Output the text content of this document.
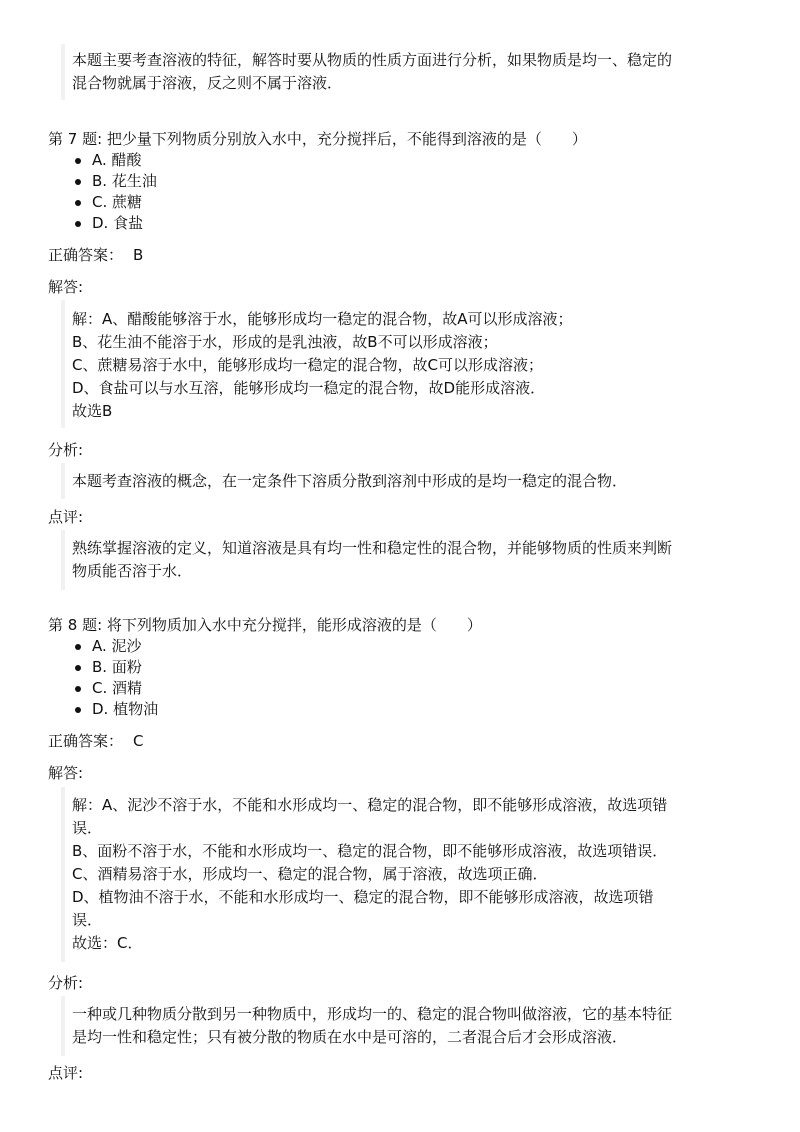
本题主要考查溶液的特征，解答时要从物质的性质方面进行分析，如果物质是均一、稳定的
混合物就属于溶液，反之则不属于溶液．

第 7 题: 把少量下列物质分别放入水中，充分搅拌后，不能得到溶液的是（　　）

A. 醋酸
B. 花生油
C. 蔗糖
D. 食盐
正确答案： B
解答:
解：A、醋酸能够溶于水，能够形成均一稳定的混合物，故A可以形成溶液；
B、花生油不能溶于水，形成的是乳浊液，故B不可以形成溶液；
C、蔗糖易溶于水中，能够形成均一稳定的混合物，故C可以形成溶液；
D、食盐可以与水互溶，能够形成均一稳定的混合物，故D能形成溶液．
故选B
分析:
本题考查溶液的概念，在一定条件下溶质分散到溶剂中形成的是均一稳定的混合物．
点评:
熟练掌握溶液的定义，知道溶液是具有均一性和稳定性的混合物，并能够物质的性质来判断
物质能否溶于水．

第 8 题: 将下列物质加入水中充分搅拌，能形成溶液的是（　　）

A. 泥沙
B. 面粉
C. 酒精
D. 植物油
正确答案： C
解答:
解：A、泥沙不溶于水，不能和水形成均一、稳定的混合物，即不能够形成溶液，故选项错
误．
B、面粉不溶于水，不能和水形成均一、稳定的混合物，即不能够形成溶液，故选项错误．
C、酒精易溶于水，形成均一、稳定的混合物，属于溶液，故选项正确．
D、植物油不溶于水，不能和水形成均一、稳定的混合物，即不能够形成溶液，故选项错
误．
故选：C．
分析:
一种或几种物质分散到另一种物质中，形成均一的、稳定的混合物叫做溶液，它的基本特征
是均一性和稳定性；只有被分散的物质在水中是可溶的，二者混合后才会形成溶液．
点评:
